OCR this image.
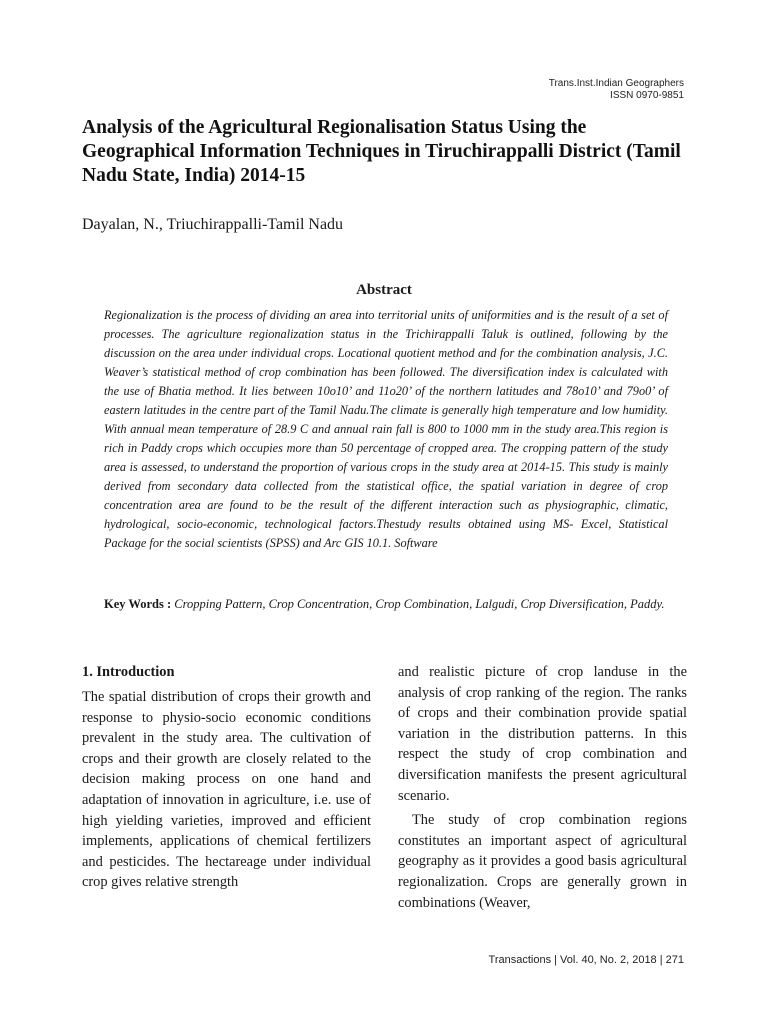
Trans.Inst.Indian Geographers
ISSN 0970-9851
Analysis of the Agricultural Regionalisation Status Using the Geographical Information Techniques in Tiruchirappalli District (Tamil Nadu State, India) 2014-15
Dayalan, N., Triuchirappalli-Tamil Nadu
Abstract

Regionalization is the process of dividing an area into territorial units of uniformities and is the result of a set of processes. The agriculture regionalization status in the Trichirappalli Taluk is outlined, following by the discussion on the area under individual crops. Locational quotient method and for the combination analysis, J.C. Weaver’s statistical method of crop combination has been followed. The diversification index is calculated with the use of Bhatia method. It lies between 10o10’ and 11o20’ of the northern latitudes and 78o10’ and 79o0’ of eastern latitudes in the centre part of the Tamil Nadu.The climate is generally high temperature and low humidity. With annual mean temperature of 28.9 C and annual rain fall is 800 to 1000 mm in the study area.This region is rich in Paddy crops which occupies more than 50 percentage of cropped area. The cropping pattern of the study area is assessed, to understand the proportion of various crops in the study area at 2014-15. This study is mainly derived from secondary data collected from the statistical office, the spatial variation in degree of crop concentration area are found to be the result of the different interaction such as physiographic, climatic, hydrological, socio-economic, technological factors.Thestudy results obtained using MS- Excel, Statistical Package for the social scientists (SPSS) and Arc GIS 10.1. Software

Key Words : Cropping Pattern, Crop Concentration, Crop Combination, Lalgudi, Crop Diversification, Paddy.

1. Introduction

The spatial distribution of crops their growth and response to physio-socio economic conditions prevalent in the study area. The cultivation of crops and their growth are closely related to the decision making process on one hand and adaptation of innovation in agriculture, i.e. use of high yielding varieties, improved and efficient implements, applications of chemical fertilizers and pesticides. The hectareage under individual crop gives relative strength

and realistic picture of crop landuse in the analysis of crop ranking of the region. The ranks of crops and their combination provide spatial variation in the distribution patterns. In this respect the study of crop combination and diversification manifests the present agricultural scenario.

The study of crop combination regions constitutes an important aspect of agricultural geography as it provides a good basis agricultural regionalization. Crops are generally grown in combinations (Weaver,

Transactions | Vol. 40, No. 2, 2018 | 271
